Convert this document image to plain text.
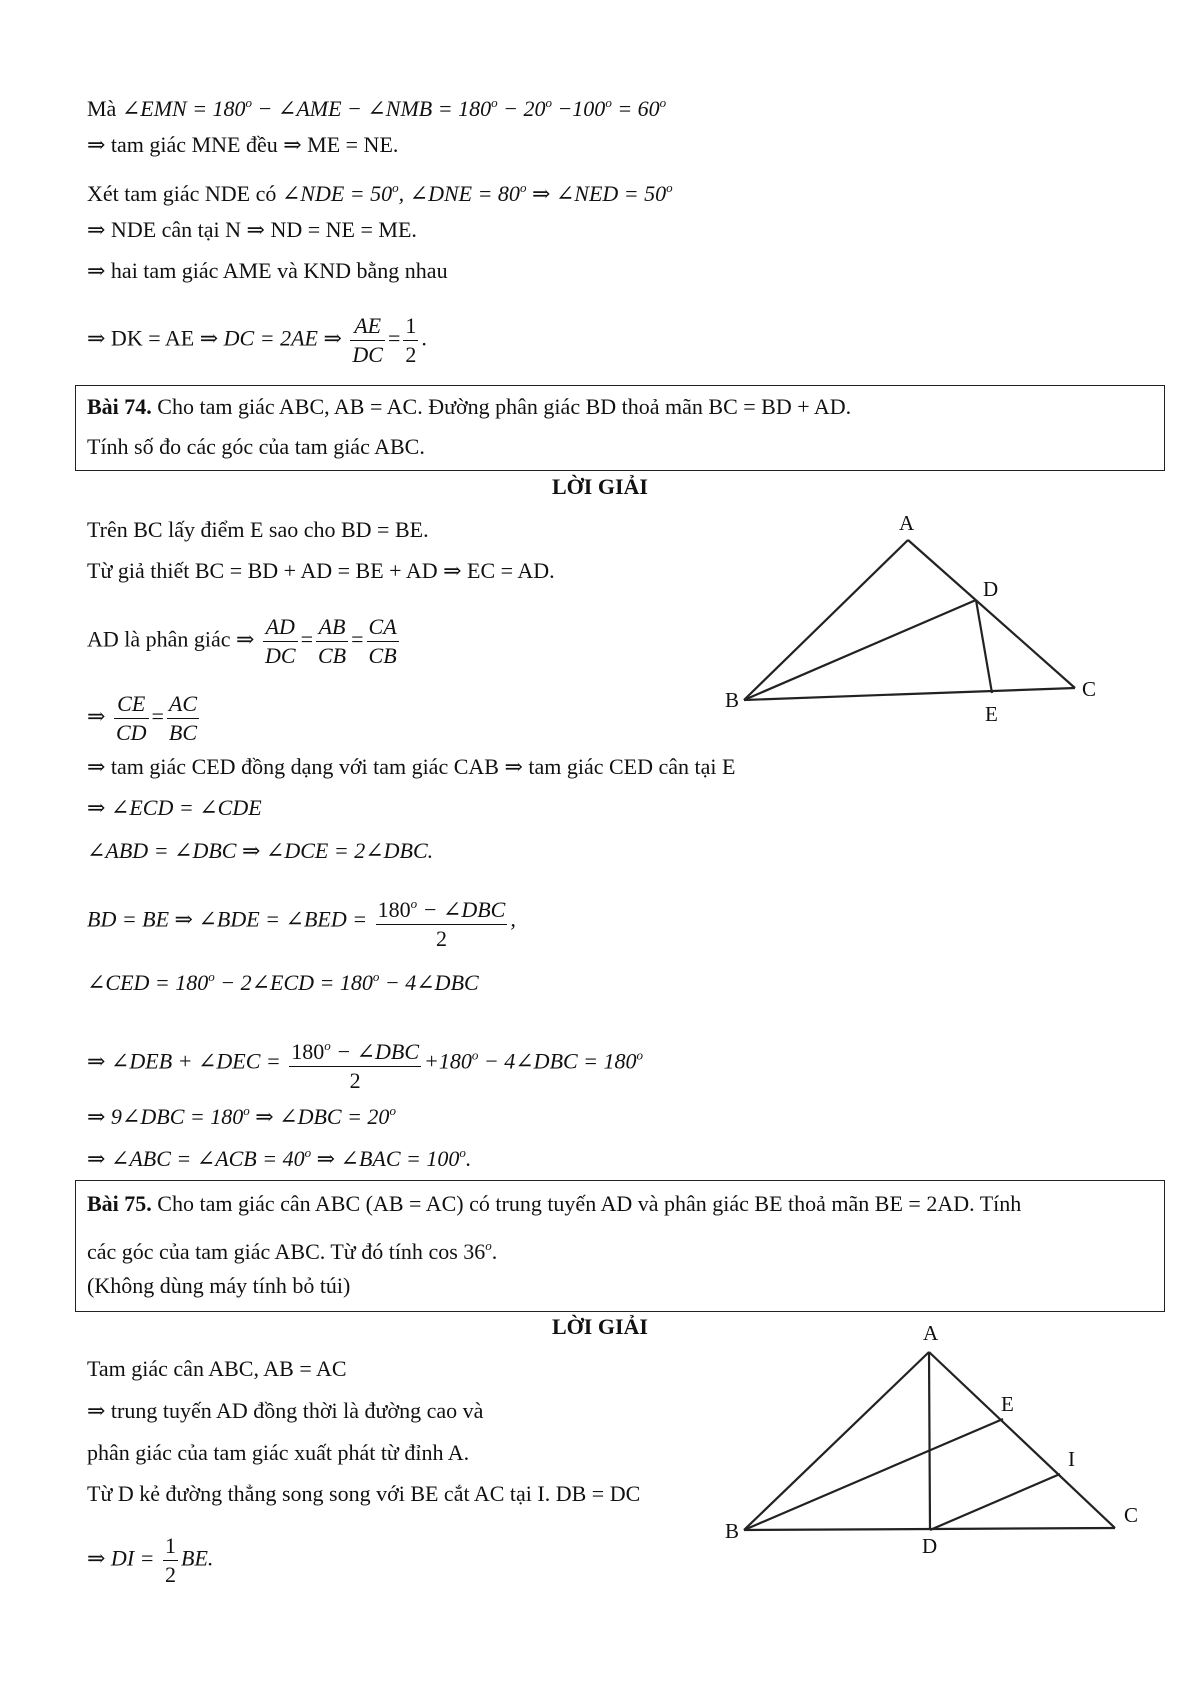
Mà ∠EMN = $180^o$ − ∠AME − ∠NMB = $180^o - 20^o -100^o = 60^o$
⇒ tam giác MNE đều ⇒ ME = NE.
Xét tam giác NDE có ∠NDE = $50^o$, ∠DNE = $80^o$ ⇒ ∠NED = $50^o$
⇒ NDE cân tại N ⇒ ND = NE = ME.
⇒ hai tam giác AME và KND bằng nhau
⇒ DK = AE ⇒ DC = 2AE ⇒ $\frac{AE}{DC} = \frac{1}{2}$ .
Bài 74. Cho tam giác ABC, AB = AC. Đường phân giác BD thoả mãn BC = BD + AD.
Tính số đo các góc của tam giác ABC.
LỜI GIẢI
Trên BC lấy điểm E sao cho BD = BE.
Từ giả thiết BC = BD + AD = BE + AD ⇒ EC = AD.
AD là phân giác ⇒ $\frac{AD}{DC} = \frac{AB}{CB} = \frac{CA}{CB}$
⇒ $\frac{CE}{CD} = \frac{AC}{BC}$
⇒ tam giác CED đồng dạng với tam giác CAB ⇒ tam giác CED cân tại E
⇒ ∠ECD = ∠CDE
∠ABD = ∠DBC ⇒ ∠DCE = 2∠DBC.
BD = BE ⇒ ∠BDE = ∠BED = $\frac{180^o - \angle DBC}{2}$ ,
∠CED = $180^o$ − 2∠ECD = $180^o$ − 4∠DBC
⇒ ∠DEB + ∠DEC = $\frac{180^o - \angle DBC}{2} +180^o$ − 4∠DBC = $180^o$
⇒ 9∠DBC = $180^o$ ⇒ ∠DBC = $20^o$
⇒ ∠ABC = ∠ACB = $40^o$ ⇒ ∠BAC = $100^o$.
A
B	C
D
E
Bài 75. Cho tam giác cân ABC (AB = AC) có trung tuyến AD và phân giác BE thoả mãn BE = 2AD. Tính
các góc của tam giác ABC. Từ đó tính cos 36$^o$.
(Không dùng máy tính bỏ túi)
LỜI GIẢI
Tam giác cân ABC, AB = AC
⇒ trung tuyến AD đồng thời là đường cao và
phân giác của tam giác xuất phát từ đỉnh A.
Từ D kẻ đường thẳng song song với BE cắt AC tại I. DB = DC
⇒ DI = $\frac{1}{2}$ BE.
A
B
C
D
E
I
